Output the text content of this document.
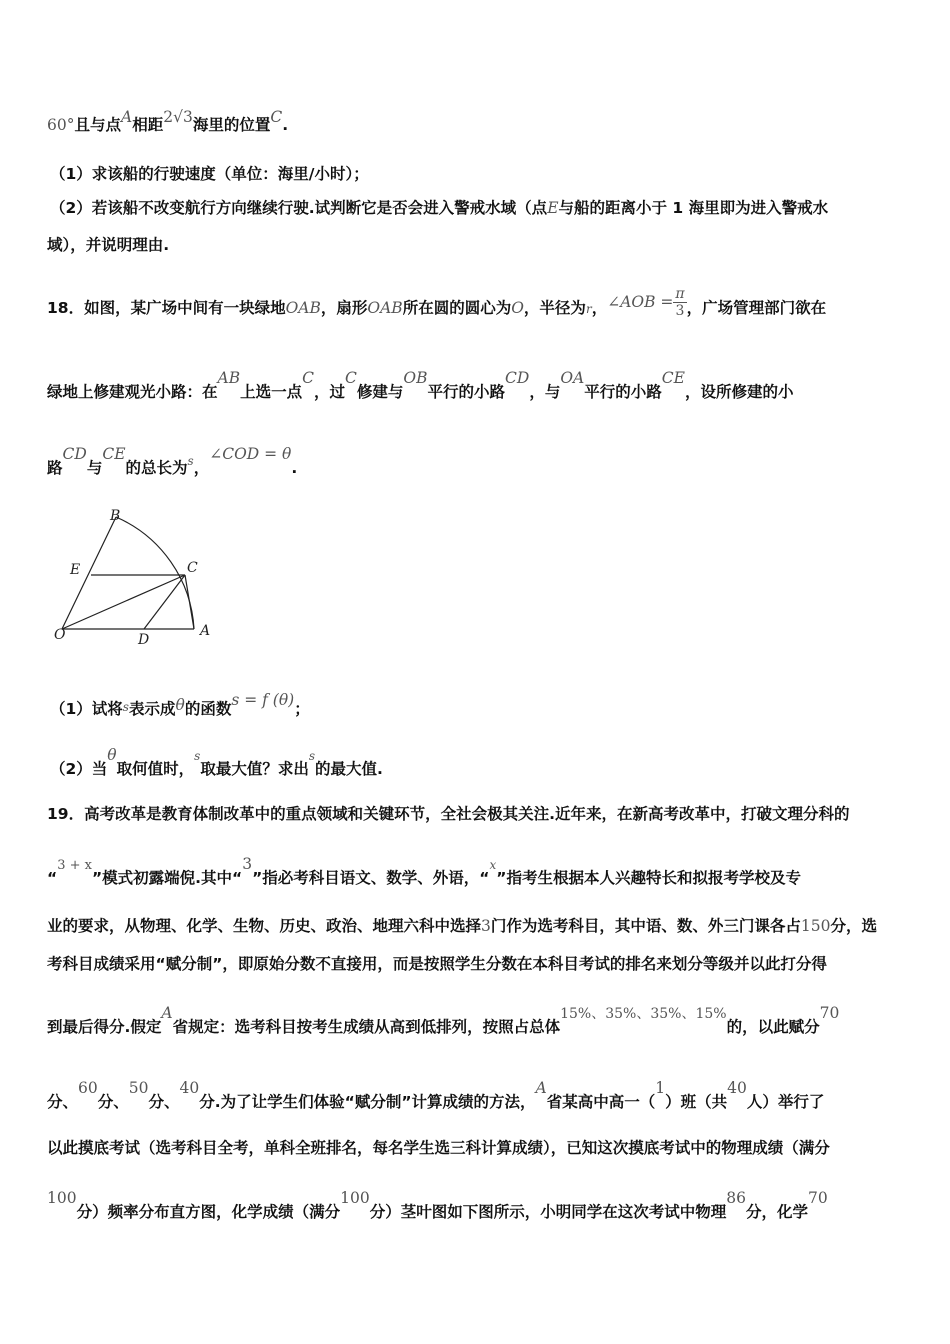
60°且与点A相距2√3海里的位置C.
（1）求该船的行驶速度（单位：海里/小时）；
（2）若该船不改变航行方向继续行驶.试判断它是否会进入警戒水域（点E与船的距离小于 1 海里即为进入警戒水
域），并说明理由.
18．如图，某广场中间有一块绿地OAB，扇形OAB所在圆的圆心为O，半径为r，∠AOB = $\frac{\pi}{3}$ ，广场管理部门欲在
绿地上修建观光小路：在AB上选一点C，过C修建与OB平行的小路CD，与OA平行的小路CE，设所修建的小
路CD与CE的总长为$^s$，∠COD = θ.
B
E	C
O	D
A
（1）试将s表示成θ的函数s = f (θ)；
（2）当θ取何值时，$^s$取最大值？求出$^s$的最大值.
19．高考改革是教育体制改革中的重点领域和关键环节，全社会极其关注.近年来，在新高考改革中，打破文理分科的
“$^{3 + x}$”模式初露端倪.其中“3”指必考科目语文、数学、外语，“$^x$”指考生根据本人兴趣特长和拟报考学校及专
业的要求，从物理、化学、生物、历史、政治、地理六科中选择3门作为选考科目，其中语、数、外三门课各占150分，选
考科目成绩采用“赋分制”，即原始分数不直接用，而是按照学生分数在本科目考试的排名来划分等级并以此打分得
到最后得分.假定A省规定：选考科目按考生成绩从高到低排列，按照占总体15%、35%、35%、15%的，以此赋分70
分、60分、50分、40分.为了让学生们体验“赋分制”计算成绩的方法，A省某高中高一（1）班（共40人）举行了
以此摸底考试（选考科目全考，单科全班排名，每名学生选三科计算成绩），已知这次摸底考试中的物理成绩（满分
100分）频率分布直方图，化学成绩（满分100分）茎叶图如下图所示，小明同学在这次考试中物理86分，化学70
